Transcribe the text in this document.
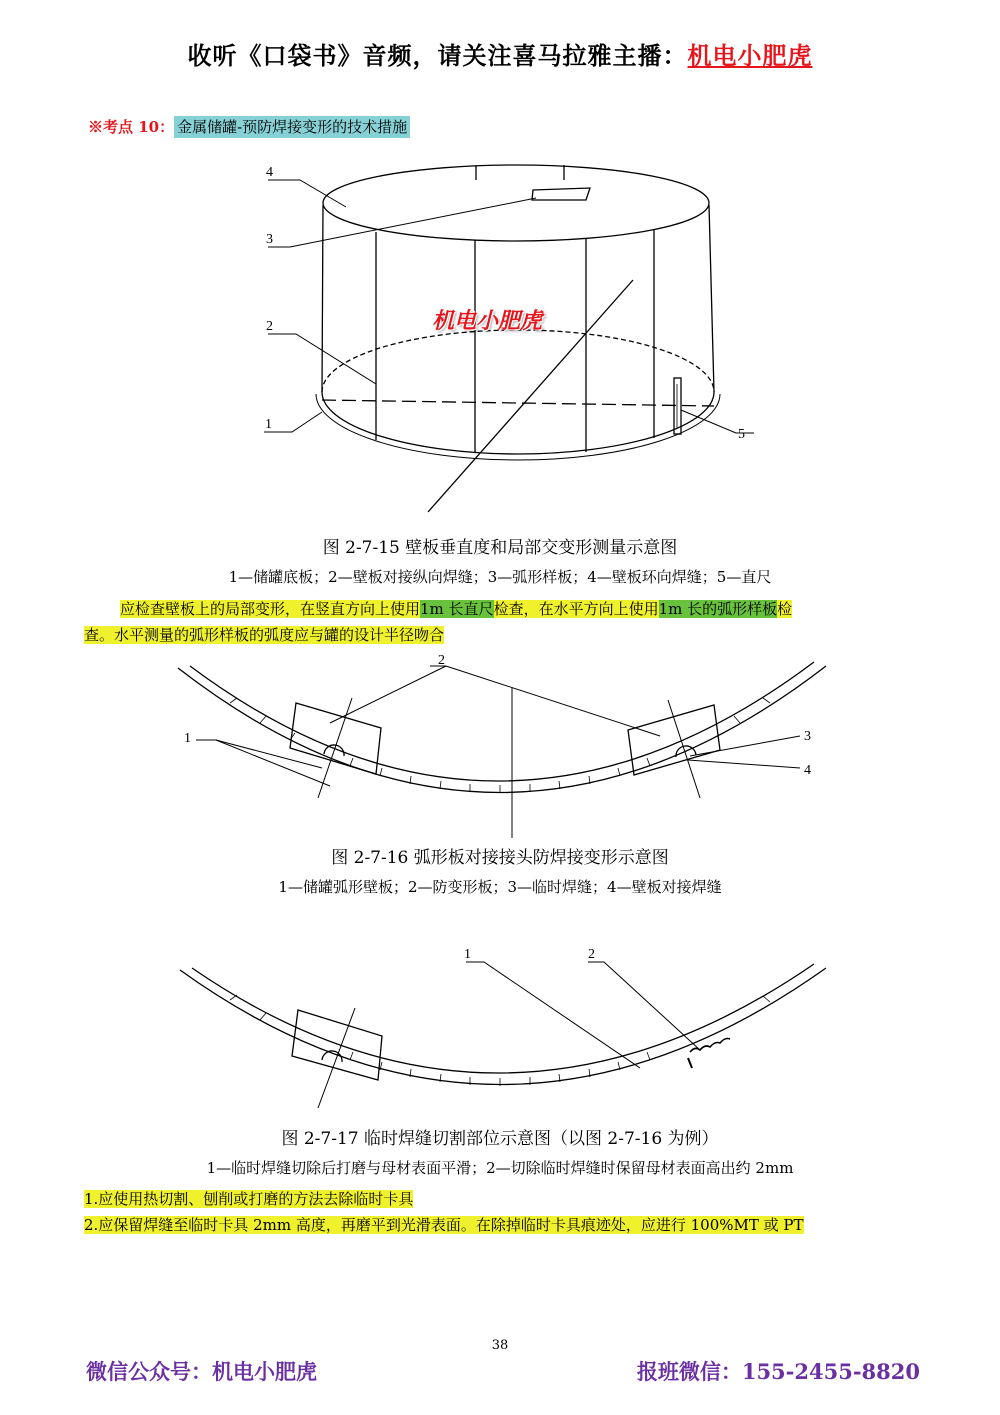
收听《口袋书》音频，请关注喜马拉雅主播：机电小肥虎
※考点 10： 金属储罐-预防焊接变形的技术措施
4
3
2
1
5
机电小肥虎
图 2-7-15 壁板垂直度和局部交变形测量示意图
1—储罐底板；2—壁板对接纵向焊缝；3—弧形样板；4—壁板环向焊缝；5—直尺
应检查壁板上的局部变形，在竖直方向上使用1m 长直尺检查，在水平方向上使用1m 长的弧形样板检
查。水平测量的弧形样板的弧度应与罐的设计半径吻合
1
2
3
4
图 2-7-16 弧形板对接接头防焊接变形示意图
1—储罐弧形壁板；2—防变形板；3—临时焊缝；4—壁板对接焊缝
1	2
图 2-7-17 临时焊缝切割部位示意图（以图 2-7-16 为例）
1—临时焊缝切除后打磨与母材表面平滑；2—切除临时焊缝时保留母材表面高出约 2mm
1.应使用热切割、刨削或打磨的方法去除临时卡具
2.应保留焊缝至临时卡具 2mm 高度，再磨平到光滑表面。在除掉临时卡具痕迹处，应进行 100%MT 或 PT
38
微信公众号：机电小肥虎	报班微信：155-2455-8820
